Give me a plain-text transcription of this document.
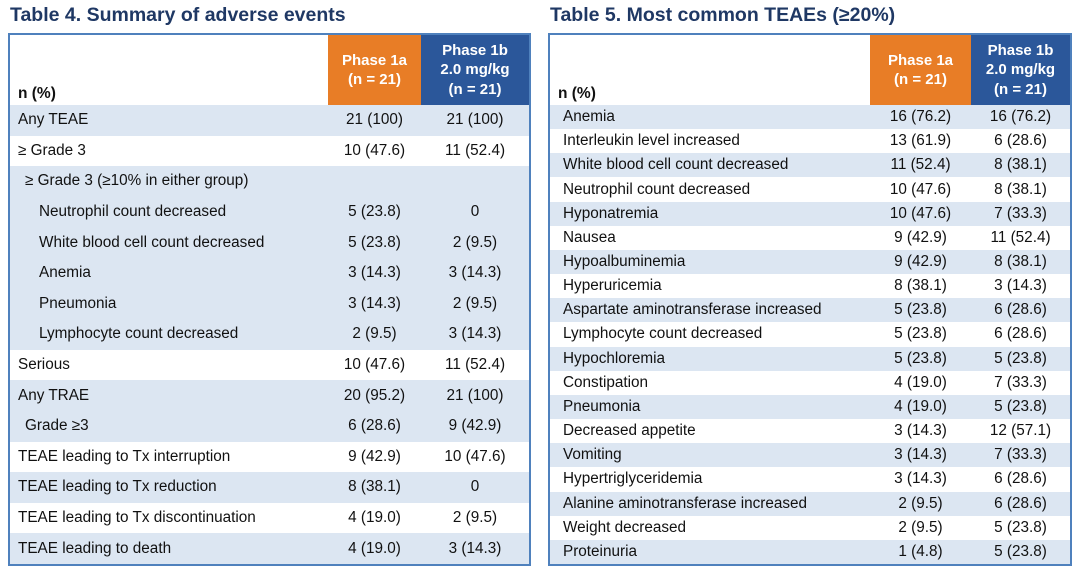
Table 4. Summary of adverse events
n (%)
Phase 1a
(n = 21)
Phase 1b
2.0 mg/kg
(n = 21)
Any TEAE	21 (100)	21 (100)
≥ Grade 3	10 (47.6)	11 (52.4)
≥ Grade 3 (≥10% in either group)
Neutrophil count decreased	5 (23.8)	0
White blood cell count decreased	5 (23.8)	2 (9.5)
Anemia	3 (14.3)	3 (14.3)
Pneumonia	3 (14.3)	2 (9.5)
Lymphocyte count decreased	2 (9.5)	3 (14.3)
Serious	10 (47.6)	11 (52.4)
Any TRAE	20 (95.2)	21 (100)
Grade ≥3	6 (28.6)	9 (42.9)
TEAE leading to Tx interruption	9 (42.9)	10 (47.6)
TEAE leading to Tx reduction	8 (38.1)	0
TEAE leading to Tx discontinuation	4 (19.0)	2 (9.5)
TEAE leading to death	4 (19.0)	3 (14.3)
Table 5. Most common TEAEs (≥20%)
n (%)
Phase 1a
(n = 21)
Phase 1b
2.0 mg/kg
(n = 21)
Anemia	16 (76.2)	16 (76.2)
Interleukin level increased	13 (61.9)	6 (28.6)
White blood cell count decreased	11 (52.4)	8 (38.1)
Neutrophil count decreased	10 (47.6)	8 (38.1)
Hyponatremia	10 (47.6)	7 (33.3)
Nausea	9 (42.9)	11 (52.4)
Hypoalbuminemia	9 (42.9)	8 (38.1)
Hyperuricemia	8 (38.1)	3 (14.3)
Aspartate aminotransferase increased	5 (23.8)	6 (28.6)
Lymphocyte count decreased	5 (23.8)	6 (28.6)
Hypochloremia	5 (23.8)	5 (23.8)
Constipation	4 (19.0)	7 (33.3)
Pneumonia	4 (19.0)	5 (23.8)
Decreased appetite	3 (14.3)	12 (57.1)
Vomiting	3 (14.3)	7 (33.3)
Hypertriglyceridemia	3 (14.3)	6 (28.6)
Alanine aminotransferase increased	2 (9.5)	6 (28.6)
Weight decreased	2 (9.5)	5 (23.8)
Proteinuria	1 (4.8)	5 (23.8)
